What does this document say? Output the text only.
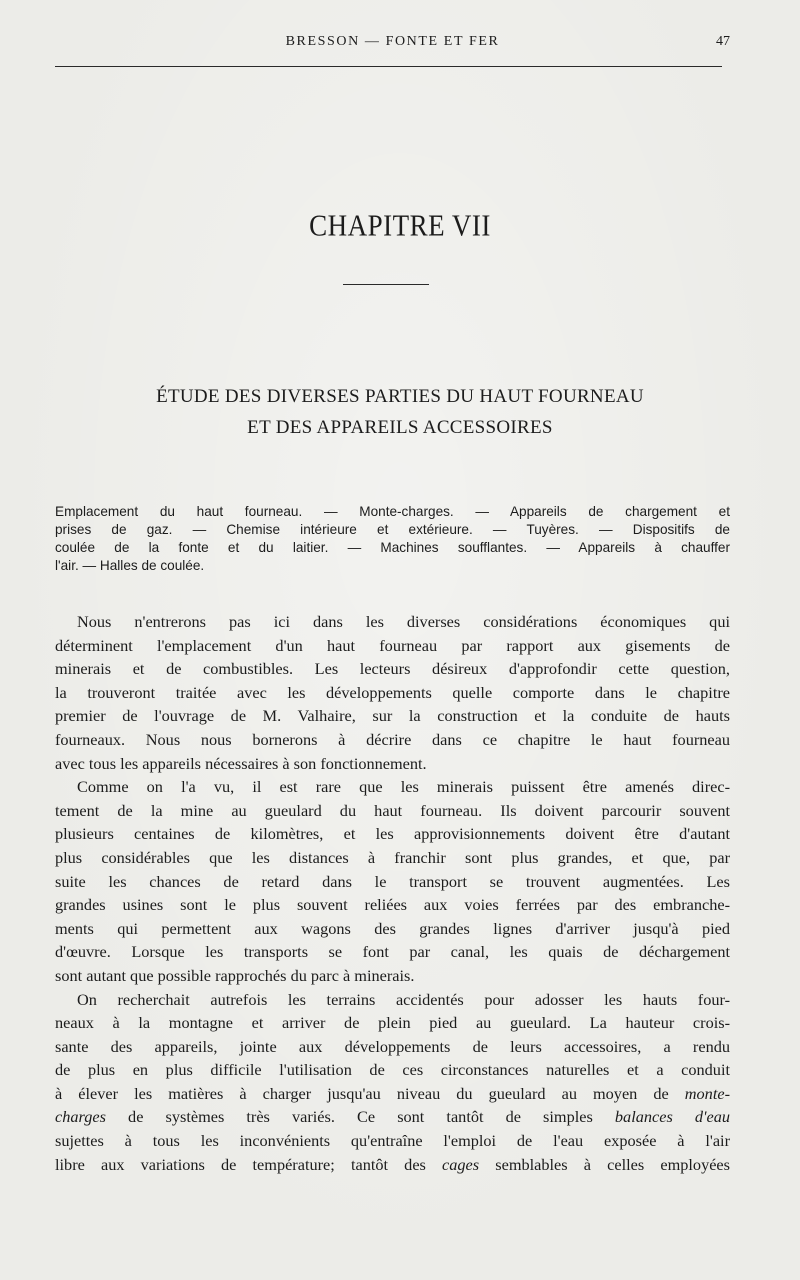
BRESSON — FONTE ET FER	47
CHAPITRE VII
ÉTUDE DES DIVERSES PARTIES DU HAUT FOURNEAU
ET DES APPAREILS ACCESSOIRES
Emplacement du haut fourneau. — Monte-charges. — Appareils de chargement et
prises de gaz. — Chemise intérieure et extérieure. — Tuyères. — Dispositifs de
coulée de la fonte et du laitier. — Machines soufflantes. — Appareils à chauffer
l'air. — Halles de coulée.
Nous n'entrerons pas ici dans les diverses considérations économiques qui
déterminent l'emplacement d'un haut fourneau par rapport aux gisements de
minerais et de combustibles. Les lecteurs désireux d'approfondir cette question,
la trouveront traitée avec les développements quelle comporte dans le chapitre
premier de l'ouvrage de M. Valhaire, sur la construction et la conduite de hauts
fourneaux. Nous nous bornerons à décrire dans ce chapitre le haut fourneau
avec tous les appareils nécessaires à son fonctionnement.
Comme on l'a vu, il est rare que les minerais puissent être amenés direc-
tement de la mine au gueulard du haut fourneau. Ils doivent parcourir souvent
plusieurs centaines de kilomètres, et les approvisionnements doivent être d'autant
plus considérables que les distances à franchir sont plus grandes, et que, par
suite les chances de retard dans le transport se trouvent augmentées. Les
grandes usines sont le plus souvent reliées aux voies ferrées par des embranche-
ments qui permettent aux wagons des grandes lignes d'arriver jusqu'à pied
d'œuvre. Lorsque les transports se font par canal, les quais de déchargement
sont autant que possible rapprochés du parc à minerais.
On recherchait autrefois les terrains accidentés pour adosser les hauts four-
neaux à la montagne et arriver de plein pied au gueulard. La hauteur crois-
sante des appareils, jointe aux développements de leurs accessoires, a rendu
de plus en plus difficile l'utilisation de ces circonstances naturelles et a conduit
à élever les matières à charger jusqu'au niveau du gueulard au moyen de monte-
charges de systèmes très variés. Ce sont tantôt de simples balances d'eau
sujettes à tous les inconvénients qu'entraîne l'emploi de l'eau exposée à l'air
libre aux variations de température; tantôt des cages semblables à celles employées
